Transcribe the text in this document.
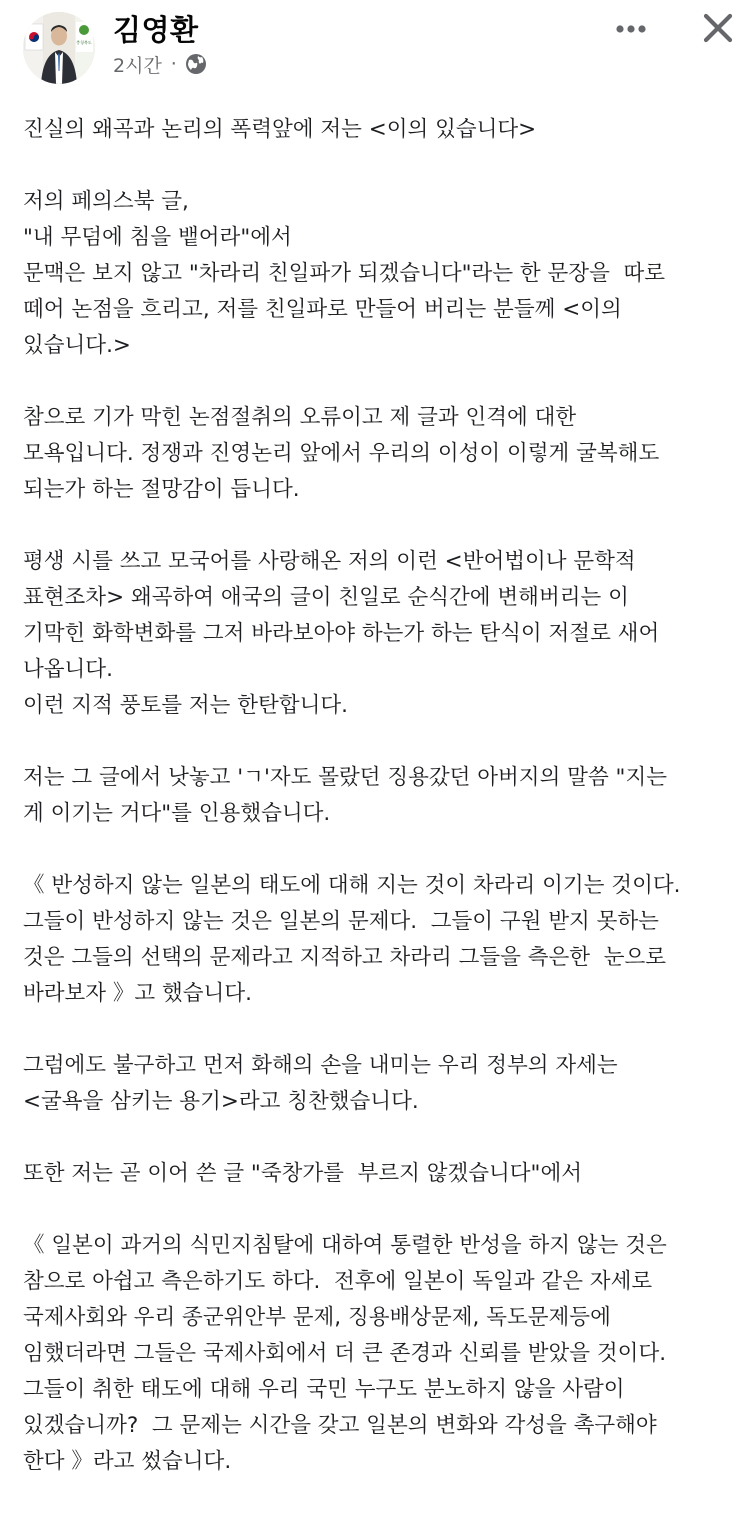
충청북도 김영환
2시간 ·

진실의 왜곡과 논리의 폭력앞에 저는 <이의 있습니다>

저의 페의스북 글,
"내 무덤에 침을 뱉어라"에서
문맥은 보지 않고 "차라리 친일파가 되겠습니다"라는 한 문장을  따로
떼어 논점을 흐리고, 저를 친일파로 만들어 버리는 분들께 <이의
있습니다.>

참으로 기가 막힌 논점절취의 오류이고 제 글과 인격에 대한
모욕입니다. 정쟁과 진영논리 앞에서 우리의 이성이 이렇게 굴복해도
되는가 하는 절망감이 듭니다.

평생 시를 쓰고 모국어를 사랑해온 저의 이런 <반어법이나 문학적
표현조차> 왜곡하여 애국의 글이 친일로 순식간에 변해버리는 이
기막힌 화학변화를 그저 바라보아야 하는가 하는 탄식이 저절로 새어
나옵니다.
이런 지적 풍토를 저는 한탄합니다.

저는 그 글에서 낫놓고 'ㄱ'자도 몰랐던 징용갔던 아버지의 말씀 "지는
게 이기는 거다"를 인용했습니다.

《 반성하지 않는 일본의 태도에 대해 지는 것이 차라리 이기는 것이다.
그들이 반성하지 않는 것은 일본의 문제다.  그들이 구원 받지 못하는
것은 그들의 선택의 문제라고 지적하고 차라리 그들을 측은한  눈으로
바라보자 》고 했습니다.

그럼에도 불구하고 먼저 화해의 손을 내미는 우리 정부의 자세는
<굴욕을 삼키는 용기>라고 칭찬했습니다.

또한 저는 곧 이어 쓴 글 "죽창가를  부르지 않겠습니다"에서

《 일본이 과거의 식민지침탈에 대하여 통렬한 반성을 하지 않는 것은
참으로 아쉽고 측은하기도 하다.  전후에 일본이 독일과 같은 자세로
국제사회와 우리 종군위안부 문제, 징용배상문제, 독도문제등에
임했더라면 그들은 국제사회에서 더 큰 존경과 신뢰를 받았을 것이다.
그들이 취한 태도에 대해 우리 국민 누구도 분노하지 않을 사람이
있겠습니까?  그 문제는 시간을 갖고 일본의 변화와 각성을 촉구해야
한다 》라고 썼습니다.
